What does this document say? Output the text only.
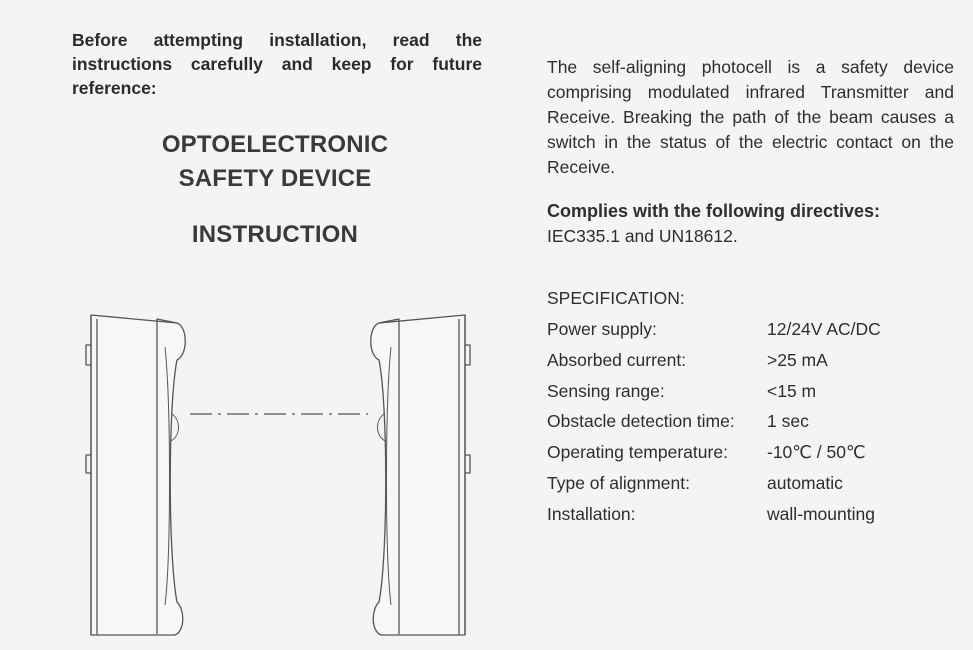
Before attempting installation, read the instructions carefully and keep for future reference:

OPTOELECTRONIC
SAFETY DEVICE
INSTRUCTION

The self-aligning photocell is a safety device comprising modulated infrared Transmitter and Receive. Breaking the path of the beam causes a switch in the status of the electric contact on the Receive.

Complies with the following directives:
IEC335.1 and UN18612.
SPECIFICATION:
Power supply:	12/24V AC/DC
Absorbed current:	>25 mA
Sensing range:	<15 m
Obstacle detection time: 1 sec
Operating temperature: -10℃ / 50℃
Type of alignment:	automatic
Installation:	wall-mounting
